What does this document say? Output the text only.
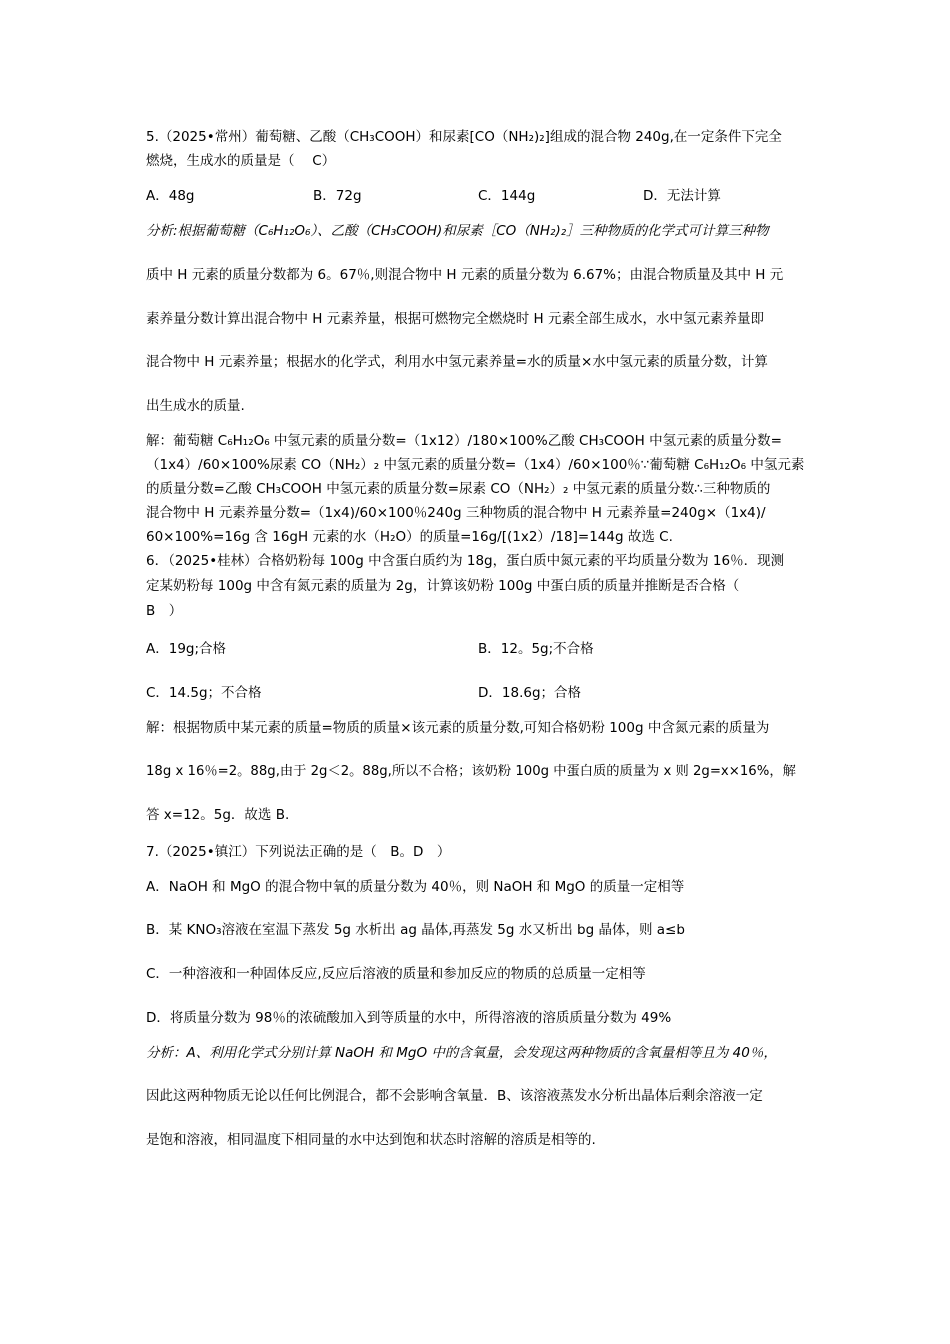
5.（2025•常州）葡萄糖、乙酸（CH₃COOH）和尿素[CO（NH₂)₂]组成的混合物 240g,在一定条件下完全
燃烧，生成水的质量是（　 C）
A．48g	B．72g	C．144g	D．无法计算
分析:根据葡萄糖（C₆H₁₂O₆）、乙酸（CH₃COOH)和尿素［CO（NH₂)₂］三种物质的化学式可计算三种物
质中 H 元素的质量分数都为 6。67％,则混合物中 H 元素的质量分数为 6.67%；由混合物质量及其中 H 元
素养量分数计算出混合物中 H 元素养量，根据可燃物完全燃烧时 H 元素全部生成水，水中氢元素养量即
混合物中 H 元素养量；根据水的化学式，利用水中氢元素养量=水的质量×水中氢元素的质量分数，计算
出生成水的质量.
解：葡萄糖 C₆H₁₂O₆ 中氢元素的质量分数=（1x12）/180×100%乙酸 CH₃COOH 中氢元素的质量分数=
（1x4）/60×100%尿素 CO（NH₂）₂ 中氢元素的质量分数=（1x4）/60×100％∵葡萄糖 C₆H₁₂O₆ 中氢元素
的质量分数=乙酸 CH₃COOH 中氢元素的质量分数=尿素 CO（NH₂）₂ 中氢元素的质量分数∴三种物质的
混合物中 H 元素养量分数=（1x4)/60×100％240g 三种物质的混合物中 H 元素养量=240g×（1x4)/
60×100%=16g 含 16gH 元素的水（H₂O）的质量=16g/[(1x2）/18]=144g 故选 C.
6．（2025•桂林）合格奶粉每 100g 中含蛋白质约为 18g，蛋白质中氮元素的平均质量分数为 16％．现测
定某奶粉每 100g 中含有氮元素的质量为 2g，计算该奶粉 100g 中蛋白质的质量并推断是否合格（
B　）
A．19g;合格	B．12。5g;不合格
C．14.5g；不合格	D．18.6g；合格
解：根据物质中某元素的质量=物质的质量×该元素的质量分数,可知合格奶粉 100g 中含氮元素的质量为
18g x 16％=2。88g,由于 2g＜2。88g,所以不合格；该奶粉 100g 中蛋白质的质量为 x 则 2g=x×16%，解
答 x=12。5g．故选 B.
7.（2025•镇江）下列说法正确的是（　B。D　）
A．NaOH 和 MgO 的混合物中氧的质量分数为 40％，则 NaOH 和 MgO 的质量一定相等
B．某 KNO₃溶液在室温下蒸发 5g 水析出 ag 晶体,再蒸发 5g 水又析出 bg 晶体，则 a≤b
C．一种溶液和一种固体反应,反应后溶液的质量和参加反应的物质的总质量一定相等
D．将质量分数为 98％的浓硫酸加入到等质量的水中，所得溶液的溶质质量分数为 49%
分析：A、利用化学式分别计算 NaOH 和 MgO 中的含氧量，会发现这两种物质的含氧量相等且为 40％，
因此这两种物质无论以任何比例混合，都不会影响含氧量．B、该溶液蒸发水分析出晶体后剩余溶液一定
是饱和溶液，相同温度下相同量的水中达到饱和状态时溶解的溶质是相等的.
